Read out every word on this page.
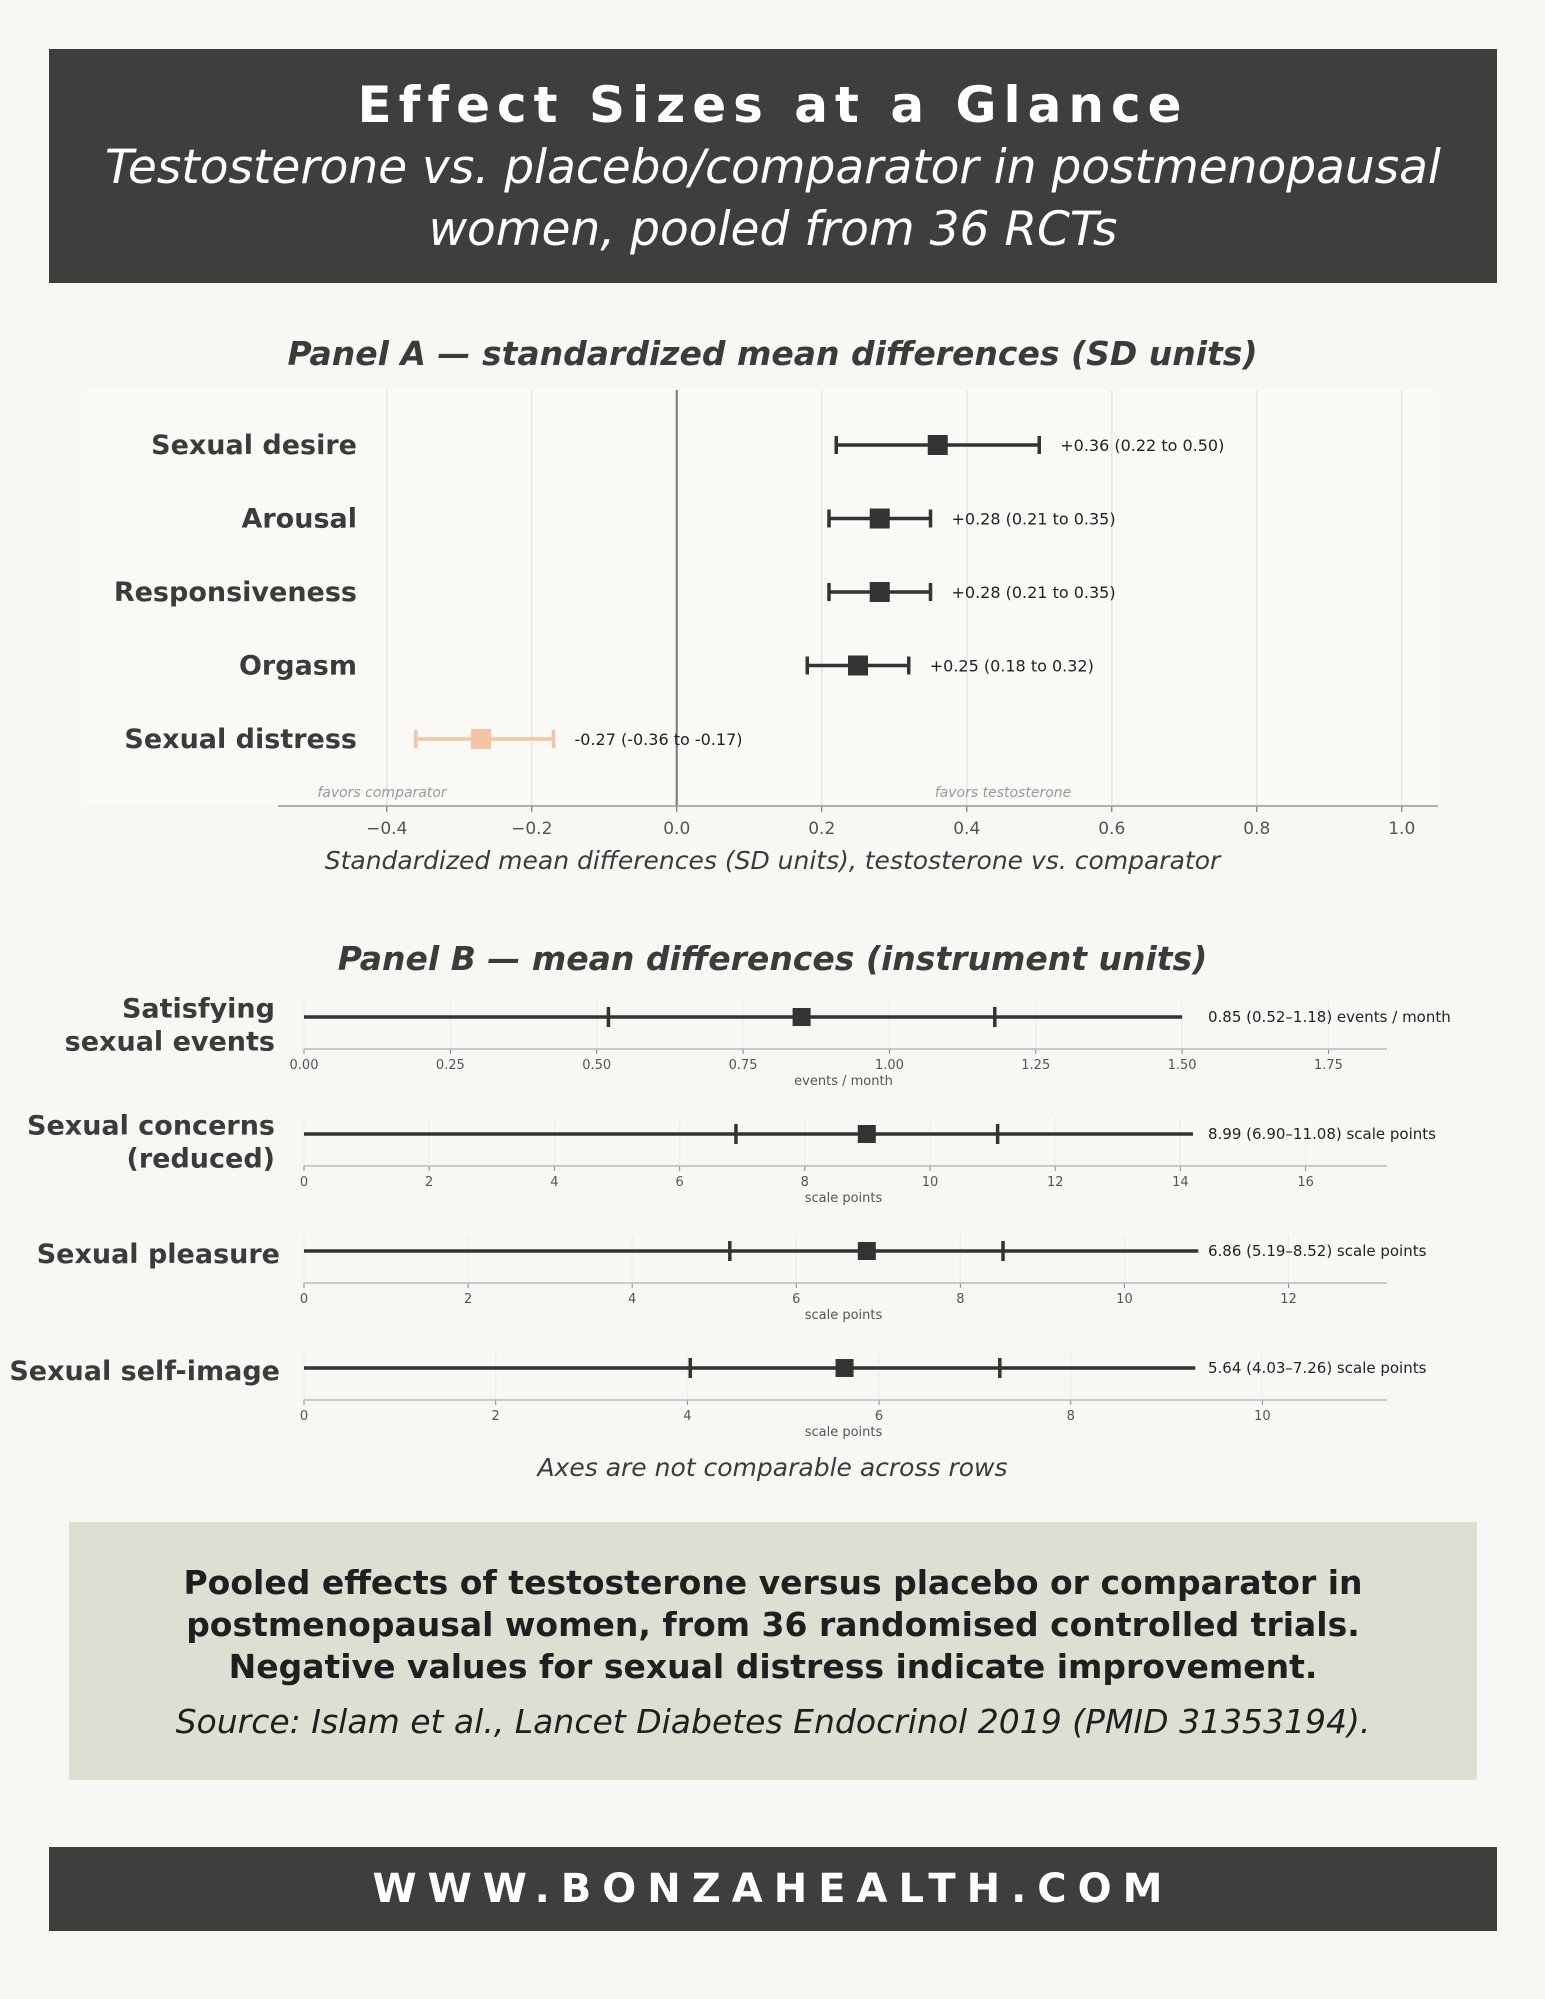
Effect Sizes at a Glance
Testosterone vs. placebo/comparator in postmenopausal women, pooled from 36 RCTs
Panel A — standardized mean differences (SD units)
−0.4	−0.2	0.0	0.2	0.4	0.6	0.8	1.0
favors comparator	favors testosterone
Sexual desire	+0.36 (0.22 to 0.50)
Arousal	+0.28 (0.21 to 0.35)
Responsiveness	+0.28 (0.21 to 0.35)
Orgasm	+0.25 (0.18 to 0.32)
Sexual distress	-0.27 (-0.36 to -0.17)
Standardized mean differences (SD units), testosterone vs. comparator
Panel B — mean differences (instrument units)
Satisfying
sexual events
0.00	0.25	0.50	0.75	1.00	1.25	1.50	1.75
events / month
0.85 (0.52–1.18) events / month
Sexual concerns
(reduced)
0	2	4	6	8	10	12	14	16
scale points
8.99 (6.90–11.08) scale points
Sexual pleasure
0	2	4	6	8	10	12
scale points
6.86 (5.19–8.52) scale points
Sexual self-image
0	2	4	6	8	10
scale points
5.64 (4.03–7.26) scale points
Axes are not comparable across rows
Pooled effects of testosterone versus placebo or comparator in postmenopausal women, from 36 randomised controlled trials. Negative values for sexual distress indicate improvement.
Source: Islam et al., Lancet Diabetes Endocrinol 2019 (PMID 31353194).
WWW.BONZAHEALTH.COM
